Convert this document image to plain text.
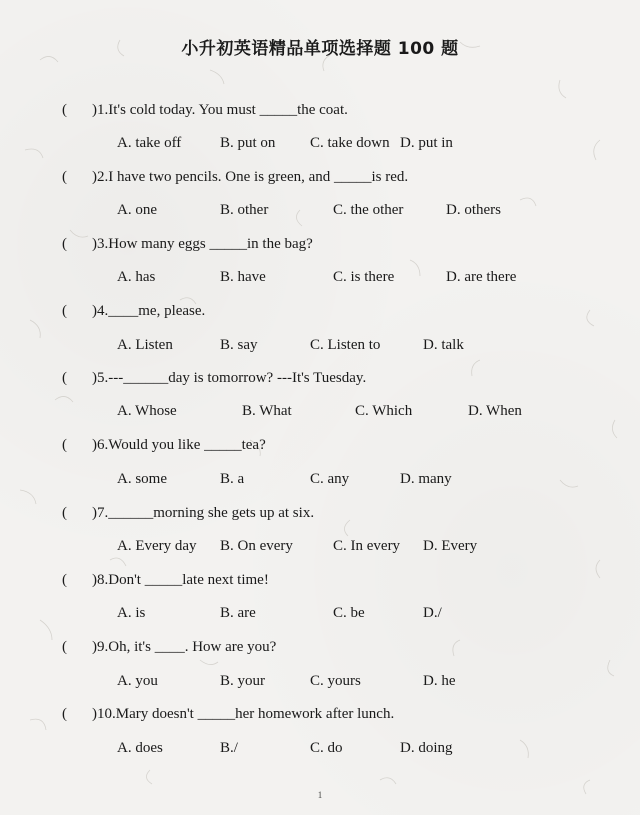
小升初英语精品单项选择题 100 题
( )1.It's cold today. You must _____the coat.
A. take off	B. put on C. take down D. put in
( )2.I have two pencils. One is green, and _____is red.
A. one	B. other	C. the other	D. others
( )3.How many eggs _____in the bag?
A. has	B. have	C. is there	D. are there
( )4.____me, please.
A. Listen	B. say	C. Listen to	D. talk
( )5.---______day is tomorrow? ---It's Tuesday.
A. Whose	B. What	C. Which	D. When
( )6.Would you like _____tea?
A. some	B. a	C. any	D. many
( )7.______morning she gets up at six.
A. Every day B. On every	C. In every D. Every
( )8.Don't _____late next time!
A. is	B. are	C. be	D./
( )9.Oh, it's ____. How are you?
A. you	B. your	C. yours	D. he
( )10.Mary doesn't _____her homework after lunch.
A. does	B./	C. do	D. doing
1
